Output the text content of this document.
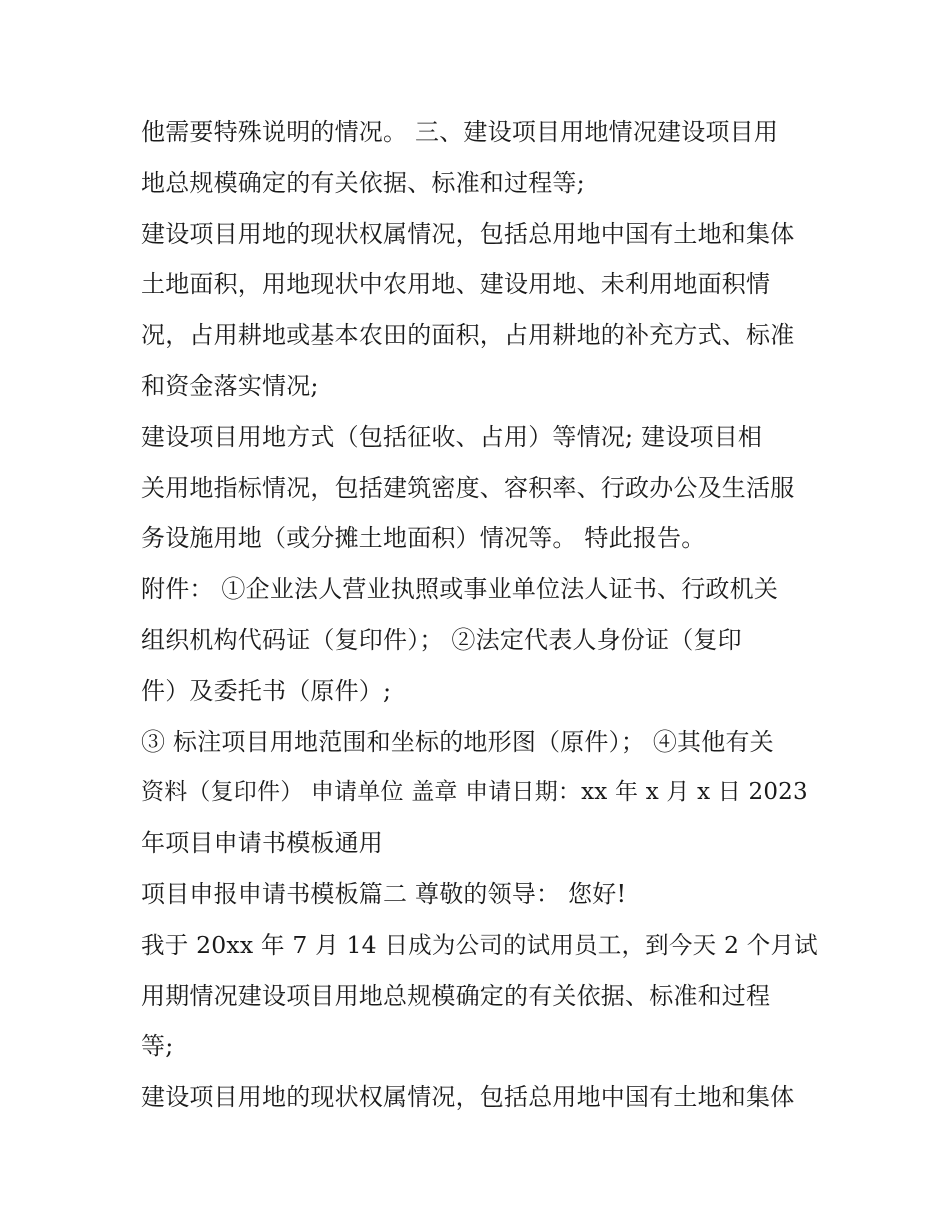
他需要特殊说明的情况。 三、建设项目用地情况建设项目用
地总规模确定的有关依据、标准和过程等;
建设项目用地的现状权属情况，包括总用地中国有土地和集体
土地面积，用地现状中农用地、建设用地、未利用地面积情
况，占用耕地或基本农田的面积，占用耕地的补充方式、标准
和资金落实情况;
建设项目用地方式（包括征收、占用）等情况; 建设项目相
关用地指标情况，包括建筑密度、容积率、行政办公及生活服
务设施用地（或分摊土地面积）情况等。 特此报告。
附件： ①企业法人营业执照或事业单位法人证书、行政机关
组织机构代码证（复印件）； ②法定代表人身份证（复印
件）及委托书（原件）;
③ 标注项目用地范围和坐标的地形图（原件）； ④其他有关
资料（复印件） 申请单位 盖章 申请日期：xx 年 x 月 x 日 2023
年项目申请书模板通用
项目申报申请书模板篇二 尊敬的领导： 您好!
我于 20xx 年 7 月 14 日成为公司的试用员工，到今天 2 个月试
用期情况建设项目用地总规模确定的有关依据、标准和过程
等;
建设项目用地的现状权属情况，包括总用地中国有土地和集体
